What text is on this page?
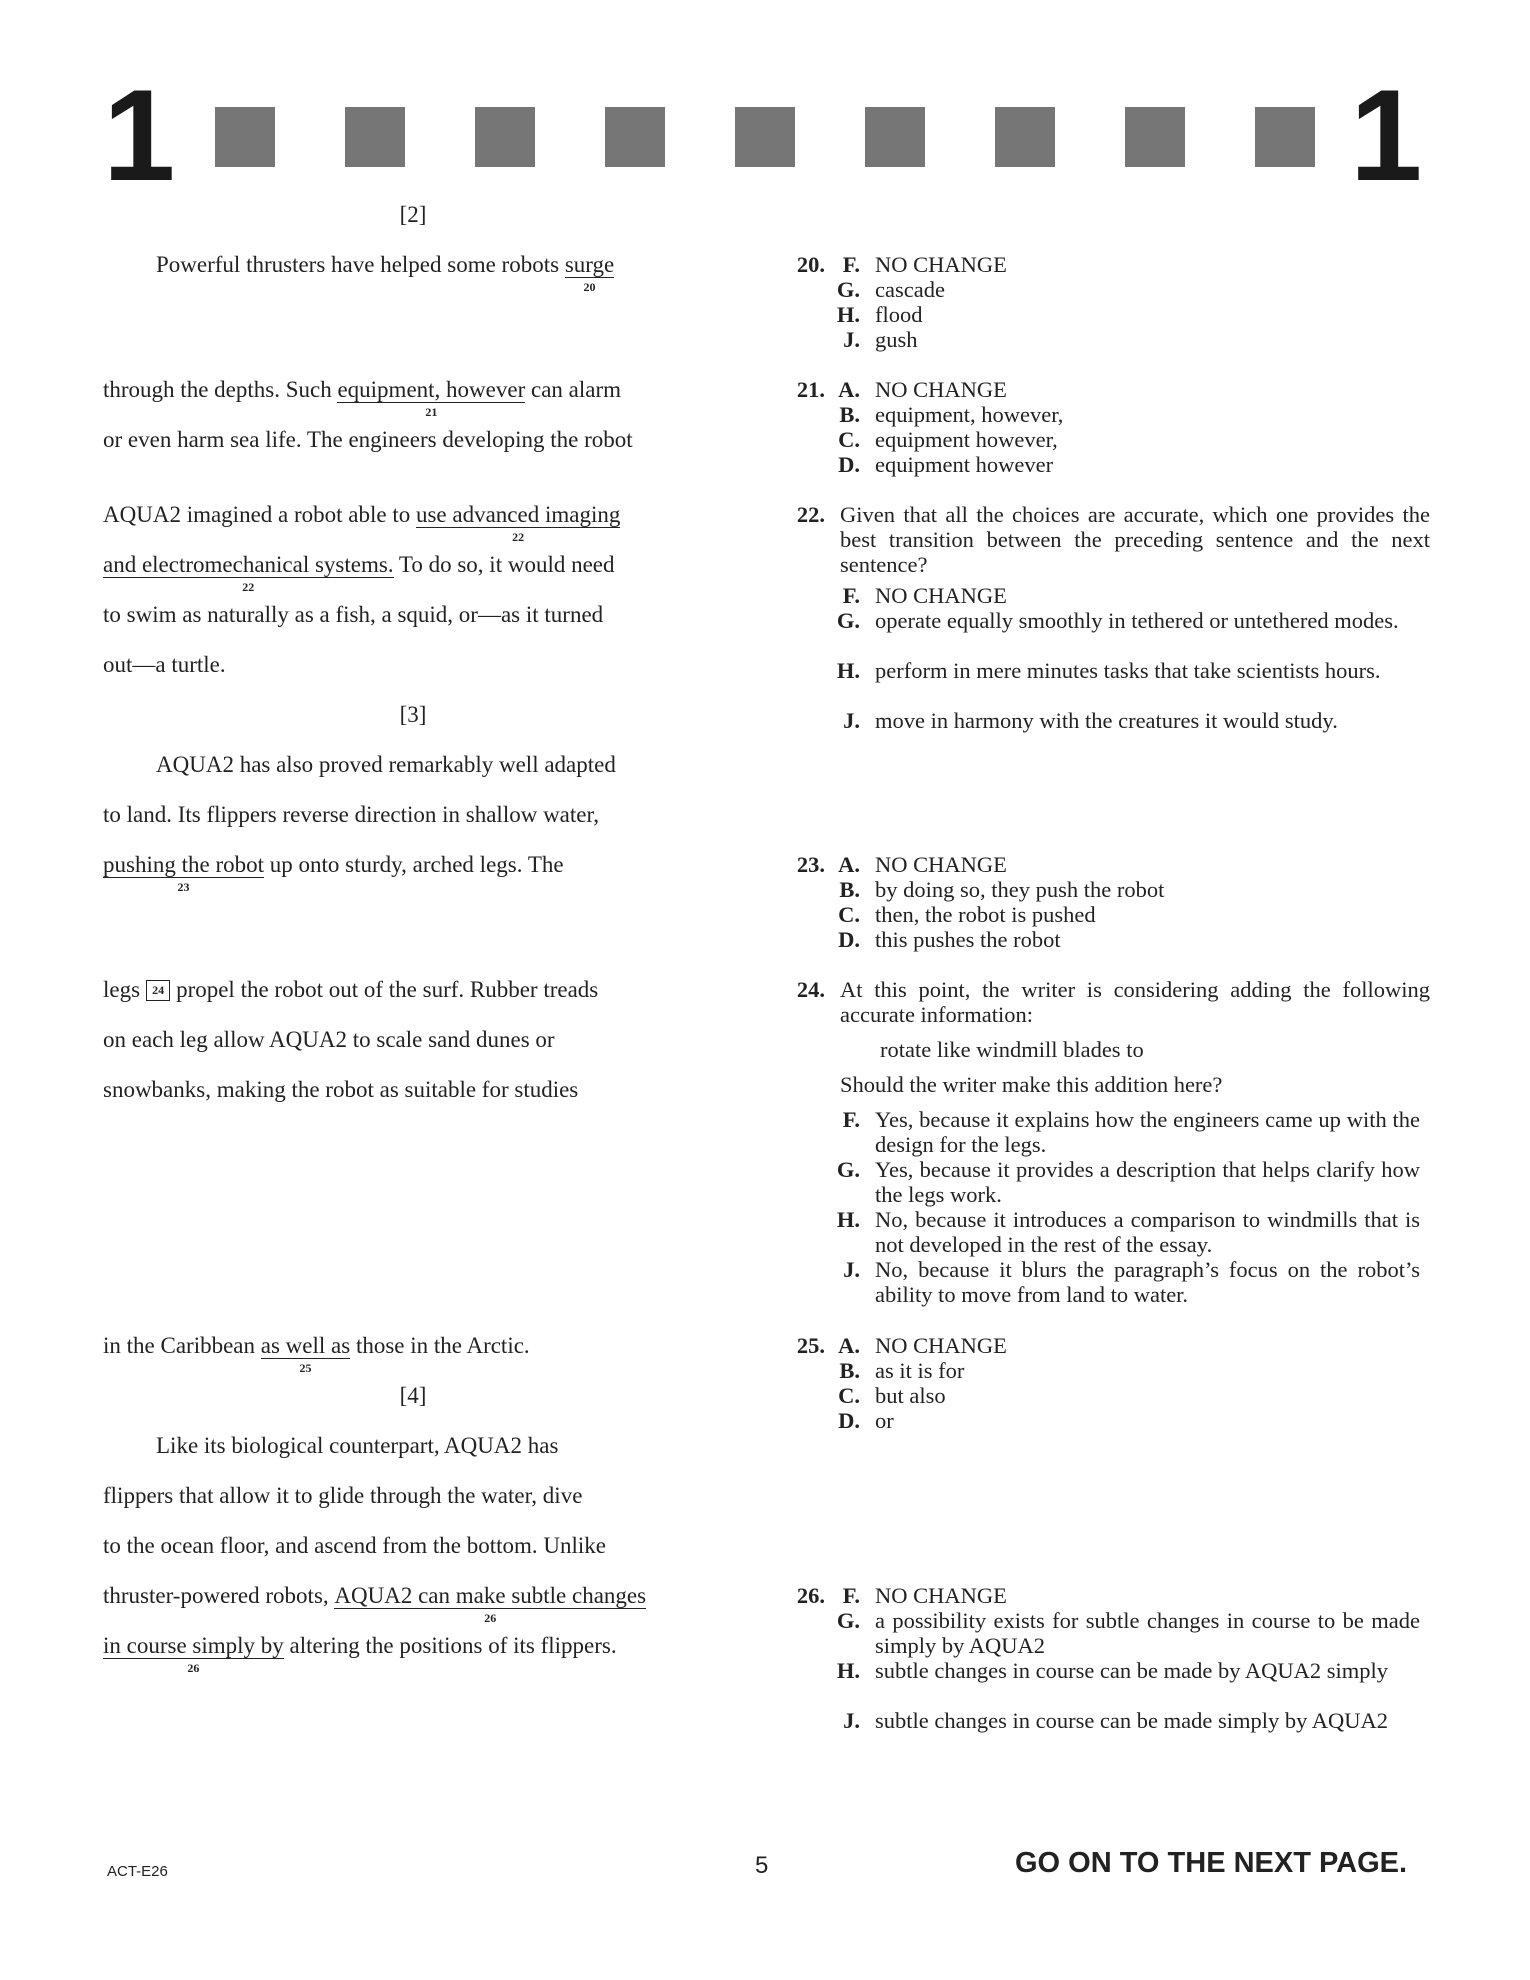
1	1
[2]
Powerful thrusters have helped some robots surge
20
through the depths. Such equipment, however
21
can alarm
or even harm sea life. The engineers developing the robot
AQUA2 imagined a robot able to use advanced imaging
22
and electromechanical systems.
22
To do so, it would need
to swim as naturally as a fish, a squid, or—as it turned
out—a turtle.
[3]
AQUA2 has also proved remarkably well adapted
to land. Its flippers reverse direction in shallow water,
pushing the robot
23
up onto sturdy, arched legs. The
legs 24 propel the robot out of the surf. Rubber treads
on each leg allow AQUA2 to scale sand dunes or
snowbanks, making the robot as suitable for studies
in the Caribbean as well as
25
those in the Arctic.
[4]
Like its biological counterpart, AQUA2 has
flippers that allow it to glide through the water, dive
to the ocean floor, and ascend from the bottom. Unlike
thruster-powered robots, AQUA2 can make subtle changes
26
in course simply by
26
altering the positions of its flippers.
20. F. NO CHANGE
G. cascade
H. flood
J. gush
21. A. NO CHANGE
B. equipment, however,
C. equipment however,
D. equipment however
22. Given that all the choices are accurate, which one provides the best transition between the preceding sentence and the next sentence?
F. NO CHANGE
G. operate equally smoothly in tethered or untethered modes.
H. perform in mere minutes tasks that take scientists hours.
J. move in harmony with the creatures it would study.
23. A. NO CHANGE
B. by doing so, they push the robot
C. then, the robot is pushed
D. this pushes the robot
24. At this point, the writer is considering adding the following accurate information:
rotate like windmill blades to
Should the writer make this addition here?
F. Yes, because it explains how the engineers came up with the design for the legs.
G. Yes, because it provides a description that helps clarify how the legs work.
H. No, because it introduces a comparison to windmills that is not developed in the rest of the essay.
J. No, because it blurs the paragraph’s focus on the robot’s ability to move from land to water.
25. A. NO CHANGE
B. as it is for
C. but also
D. or
26. F. NO CHANGE
G. a possibility exists for subtle changes in course to be made simply by AQUA2
H. subtle changes in course can be made by AQUA2 simply
J. subtle changes in course can be made simply by AQUA2
ACT-E26	5	GO ON TO THE NEXT PAGE.
